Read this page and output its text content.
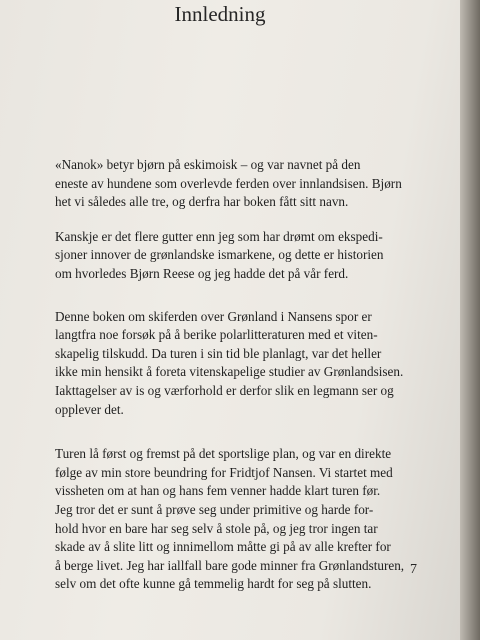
Innledning

«Nanok» betyr bjørn på eskimoisk – og var navnet på den
eneste av hundene som overlevde ferden over innlandsisen. Bjørn
het vi således alle tre, og derfra har boken fått sitt navn.

Kanskje er det flere gutter enn jeg som har drømt om ekspedi-
sjoner innover de grønlandske ismarkene, og dette er historien
om hvorledes Bjørn Reese og jeg hadde det på vår ferd.

Denne boken om skiferden over Grønland i Nansens spor er
langtfra noe forsøk på å berike polarlitteraturen med et viten-
skapelig tilskudd. Da turen i sin tid ble planlagt, var det heller
ikke min hensikt å foreta vitenskapelige studier av Grønlandsisen.
Iakttagelser av is og værforhold er derfor slik en legmann ser og
opplever det.

Turen lå først og fremst på det sportslige plan, og var en direkte
følge av min store beundring for Fridtjof Nansen. Vi startet med
vissheten om at han og hans fem venner hadde klart turen før.
Jeg tror det er sunt å prøve seg under primitive og harde for-
hold hvor en bare har seg selv å stole på, og jeg tror ingen tar
skade av å slite litt og innimellom måtte gi på av alle krefter for
å berge livet. Jeg har iallfall bare gode minner fra Grønlandsturen,
selv om det ofte kunne gå temmelig hardt for seg på slutten.

7
